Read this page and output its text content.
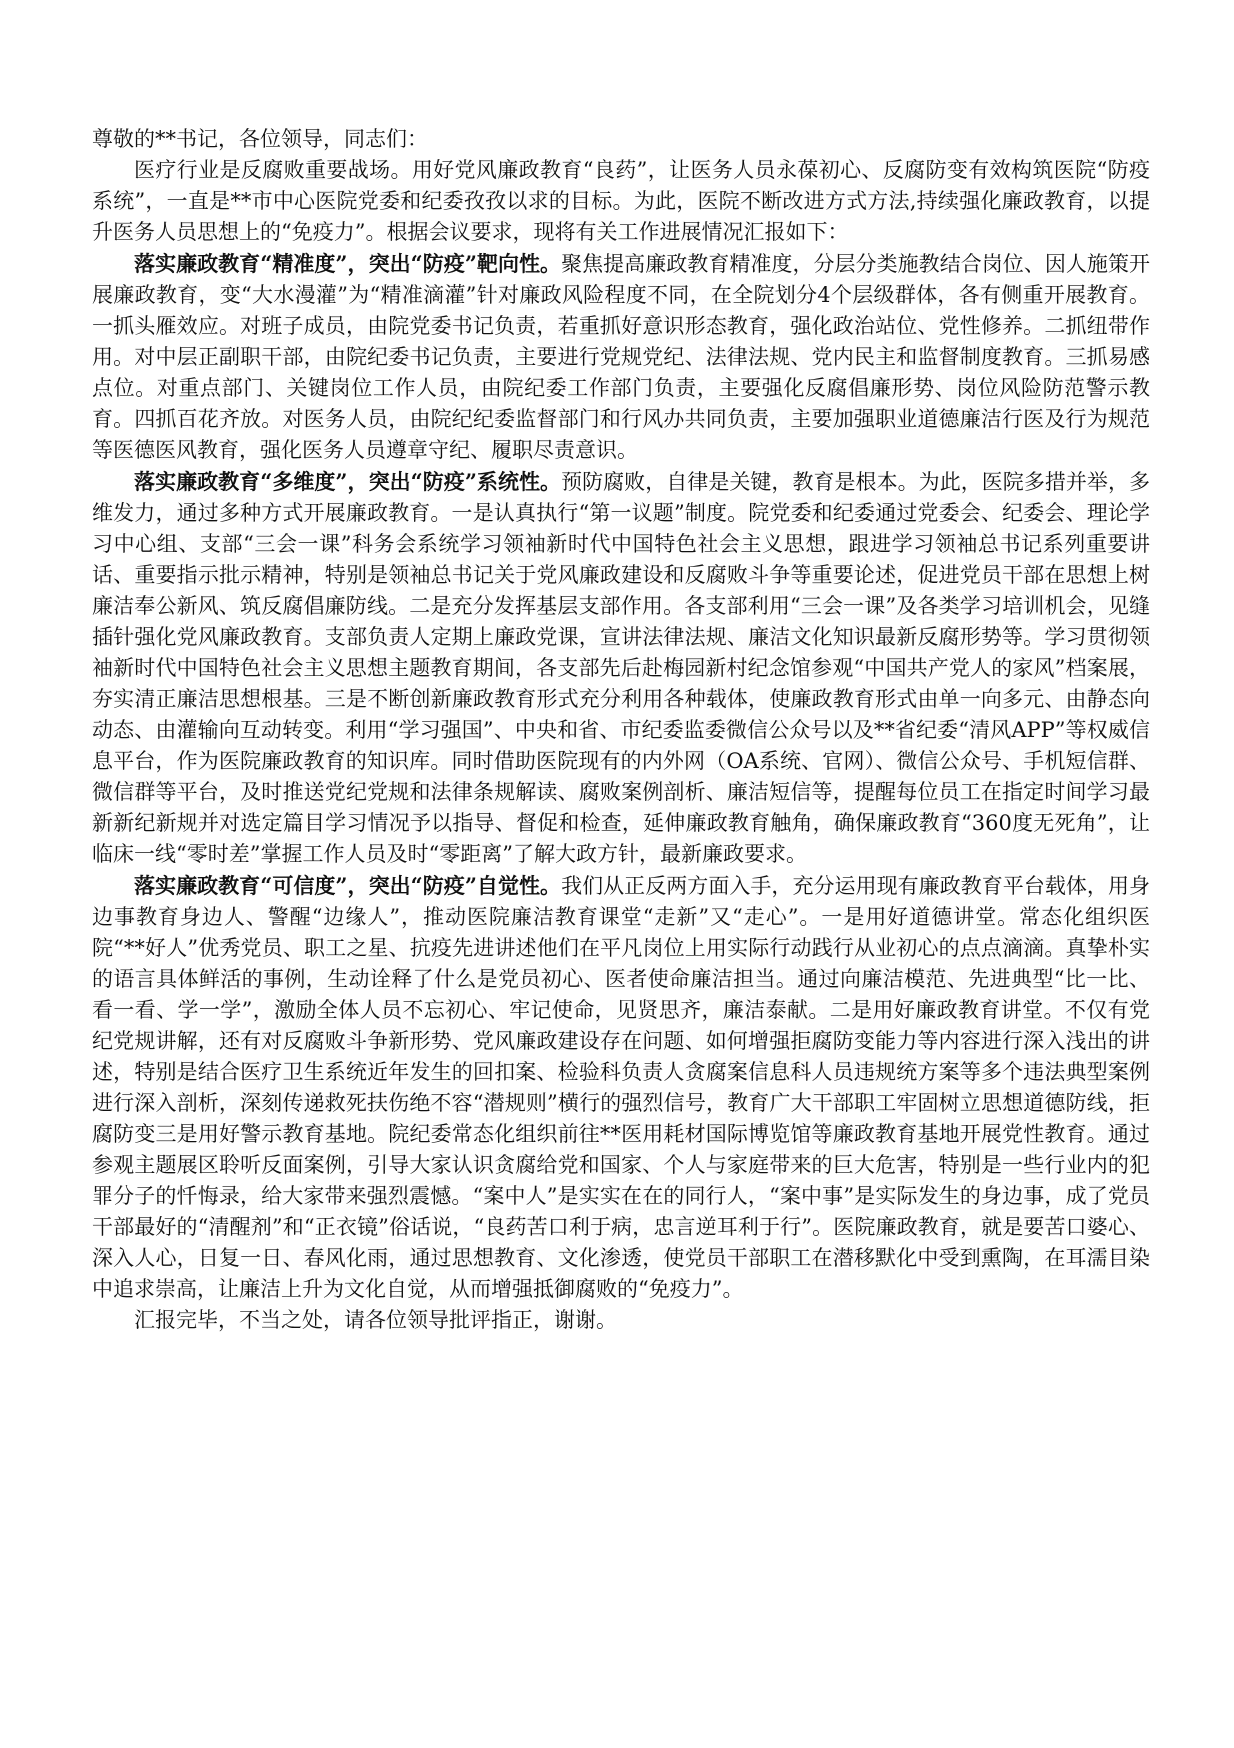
尊敬的**书记，各位领导，同志们：

医疗行业是反腐败重要战场。用好党风廉政教育“良药”，让医务人员永葆初心、反腐防变有效构筑医院“防疫系统”，一直是**市中心医院党委和纪委孜孜以求的目标。为此，医院不断改进方式方法,持续强化廉政教育，以提升医务人员思想上的“免疫力”。根据会议要求，现将有关工作进展情况汇报如下：

落实廉政教育“精准度”，突出“防疫”靶向性。聚焦提高廉政教育精准度，分层分类施教结合岗位、因人施策开展廉政教育，变“大水漫灌”为“精准滴灌”针对廉政风险程度不同，在全院划分4个层级群体，各有侧重开展教育。一抓头雁效应。对班子成员，由院党委书记负责，若重抓好意识形态教育，强化政治站位、党性修养。二抓纽带作用。对中层正副职干部，由院纪委书记负责，主要进行党规党纪、法律法规、党内民主和监督制度教育。三抓易感点位。对重点部门、关键岗位工作人员，由院纪委工作部门负责，主要强化反腐倡廉形势、岗位风险防范警示教育。四抓百花齐放。对医务人员，由院纪纪委监督部门和行风办共同负责，主要加强职业道德廉洁行医及行为规范等医德医风教育，强化医务人员遵章守纪、履职尽责意识。

落实廉政教育“多维度”，突出“防疫”系统性。预防腐败，自律是关键，教育是根本。为此，医院多措并举，多维发力，通过多种方式开展廉政教育。一是认真执行“第一议题”制度。院党委和纪委通过党委会、纪委会、理论学习中心组、支部“三会一课”科务会系统学习领袖新时代中国特色社会主义思想，跟进学习领袖总书记系列重要讲话、重要指示批示精神，特别是领袖总书记关于党风廉政建设和反腐败斗争等重要论述，促进党员干部在思想上树廉洁奉公新风、筑反腐倡廉防线。二是充分发挥基层支部作用。各支部利用“三会一课”及各类学习培训机会，见缝插针强化党风廉政教育。支部负责人定期上廉政党课，宣讲法律法规、廉洁文化知识最新反腐形势等。学习贯彻领袖新时代中国特色社会主义思想主题教育期间，各支部先后赴梅园新村纪念馆参观“中国共产党人的家风”档案展，夯实清正廉洁思想根基。三是不断创新廉政教育形式充分利用各种载体，使廉政教育形式由单一向多元、由静态向动态、由灌输向互动转变。利用“学习强国”、中央和省、市纪委监委微信公众号以及**省纪委“清风APP”等权威信息平台，作为医院廉政教育的知识库。同时借助医院现有的内外网（OA系统、官网）、微信公众号、手机短信群、微信群等平台，及时推送党纪党规和法律条规解读、腐败案例剖析、廉洁短信等，提醒每位员工在指定时间学习最新新纪新规并对选定篇目学习情况予以指导、督促和检查，延伸廉政教育触角，确保廉政教育“360度无死角”，让临床一线“零时差”掌握工作人员及时“零距离”了解大政方针，最新廉政要求。

落实廉政教育“可信度”，突出“防疫”自觉性。我们从正反两方面入手，充分运用现有廉政教育平台载体，用身边事教育身边人、警醒“边缘人”，推动医院廉洁教育课堂“走新”又“走心”。一是用好道德讲堂。常态化组织医院“**好人”优秀党员、职工之星、抗疫先进讲述他们在平凡岗位上用实际行动践行从业初心的点点滴滴。真挚朴实的语言具体鲜活的事例，生动诠释了什么是党员初心、医者使命廉洁担当。通过向廉洁模范、先进典型“比一比、看一看、学一学”，激励全体人员不忘初心、牢记使命，见贤思齐，廉洁泰献。二是用好廉政教育讲堂。不仅有党纪党规讲解，还有对反腐败斗争新形势、党风廉政建设存在问题、如何增强拒腐防变能力等内容进行深入浅出的讲述，特别是结合医疗卫生系统近年发生的回扣案、检验科负责人贪腐案信息科人员违规统方案等多个违法典型案例进行深入剖析，深刻传递救死扶伤绝不容“潜规则”横行的强烈信号，教育广大干部职工牢固树立思想道德防线，拒腐防变三是用好警示教育基地。院纪委常态化组织前往**医用耗材国际博览馆等廉政教育基地开展党性教育。通过参观主题展区聆听反面案例，引导大家认识贪腐给党和国家、个人与家庭带来的巨大危害，特别是一些行业内的犯罪分子的忏悔录，给大家带来强烈震憾。“案中人”是实实在在的同行人，“案中事”是实际发生的身边事，成了党员干部最好的“清醒剂”和“正衣镜”俗话说，“良药苦口利于病，忠言逆耳利于行”。医院廉政教育，就是要苦口婆心、深入人心，日复一日、春风化雨，通过思想教育、文化渗透，使党员干部职工在潜移默化中受到熏陶，在耳濡目染中追求崇高，让廉洁上升为文化自觉，从而增强抵御腐败的“免疫力”。

汇报完毕，不当之处，请各位领导批评指正，谢谢。
